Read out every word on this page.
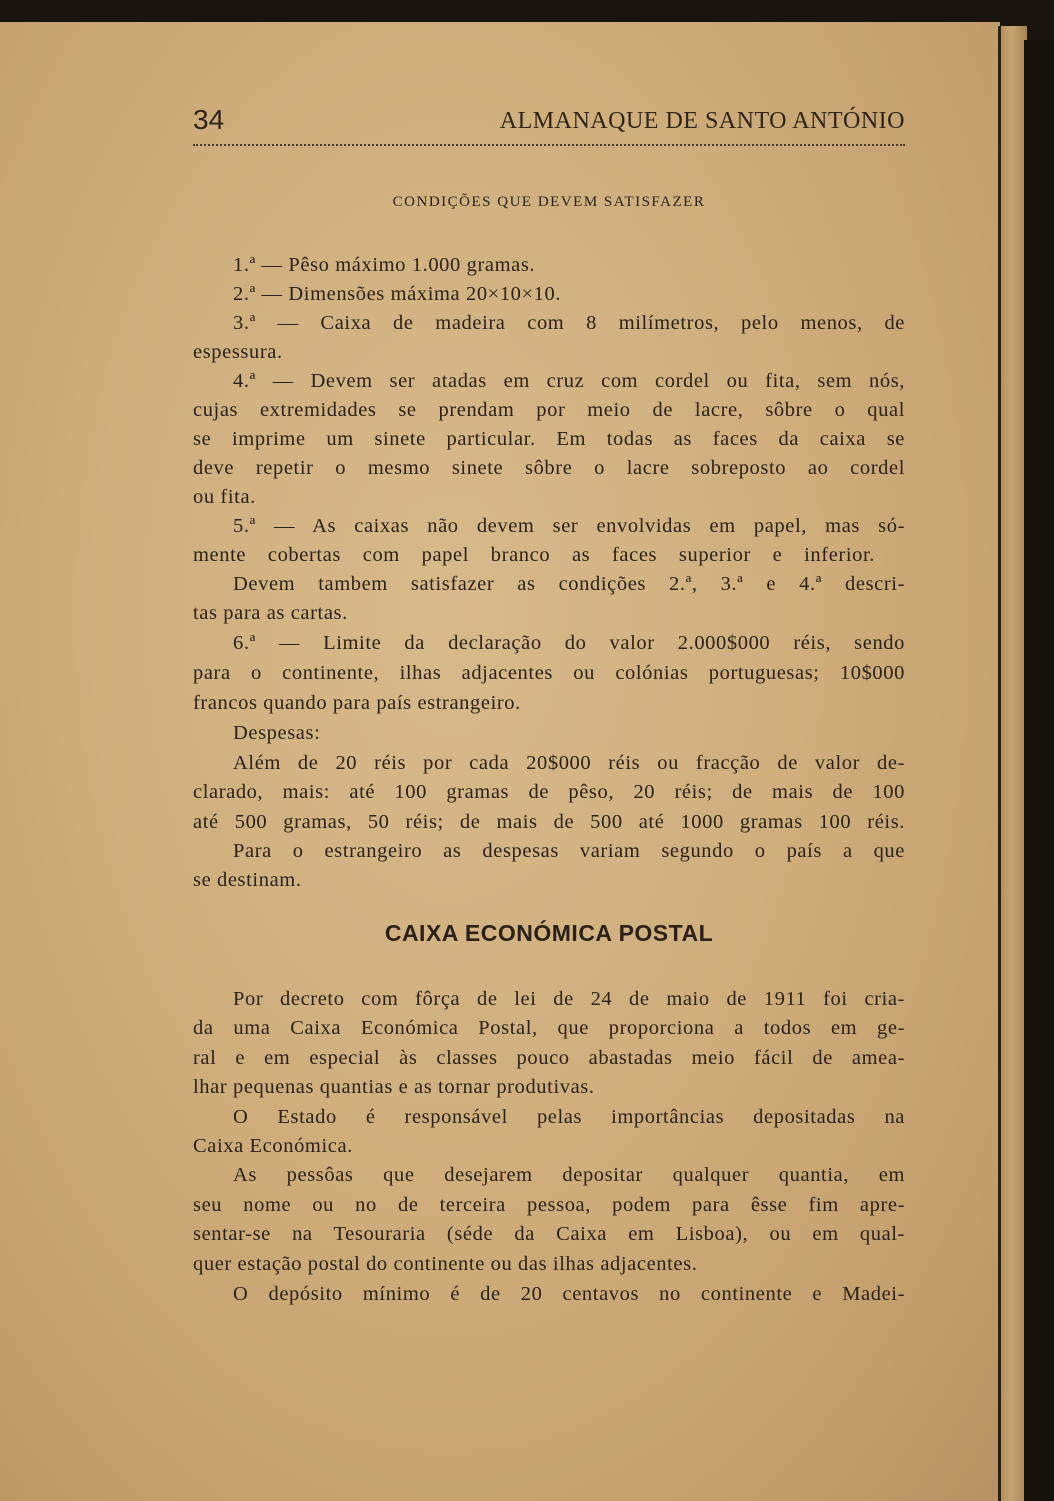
34	ALMANAQUE DE SANTO ANTÓNIO
CONDIÇÕES QUE DEVEM SATISFAZER
1.ª — Pêso máximo 1.000 gramas.
2.ª — Dimensões máxima 20×10×10.
3.ª — Caixa de madeira com 8 milímetros, pelo menos, de
espessura.
4.ª — Devem ser atadas em cruz com cordel ou fita, sem nós,
cujas extremidades se prendam por meio de lacre, sôbre o qual
se imprime um sinete particular. Em todas as faces da caixa se
deve repetir o mesmo sinete sôbre o lacre sobreposto ao cordel
ou fita.
5.ª — As caixas não devem ser envolvidas em papel, mas só-
mente cobertas com papel branco as faces superior e inferior.
Devem tambem satisfazer as condições 2.ª, 3.ª e 4.ª descri-
tas para as cartas.
6.ª — Limite da declaração do valor 2.000$000 réis, sendo
para o continente, ilhas adjacentes ou colónias portuguesas; 10$000
francos quando para país estrangeiro.
Despesas:
Além de 20 réis por cada 20$000 réis ou fracção de valor de-
clarado, mais: até 100 gramas de pêso, 20 réis; de mais de 100
até 500 gramas, 50 réis; de mais de 500 até 1000 gramas 100 réis.
Para o estrangeiro as despesas variam segundo o país a que
se destinam.
CAIXA ECONÓMICA POSTAL
Por decreto com fôrça de lei de 24 de maio de 1911 foi cria-
da uma Caixa Económica Postal, que proporciona a todos em ge-
ral e em especial às classes pouco abastadas meio fácil de amea-
lhar pequenas quantias e as tornar produtivas.
O Estado é responsável pelas importâncias depositadas na
Caixa Económica.
As pessôas que desejarem depositar qualquer quantia, em
seu nome ou no de terceira pessoa, podem para êsse fim apre-
sentar-se na Tesouraria (séde da Caixa em Lisboa), ou em qual-
quer estação postal do continente ou das ilhas adjacentes.
O depósito mínimo é de 20 centavos no continente e Madei-
